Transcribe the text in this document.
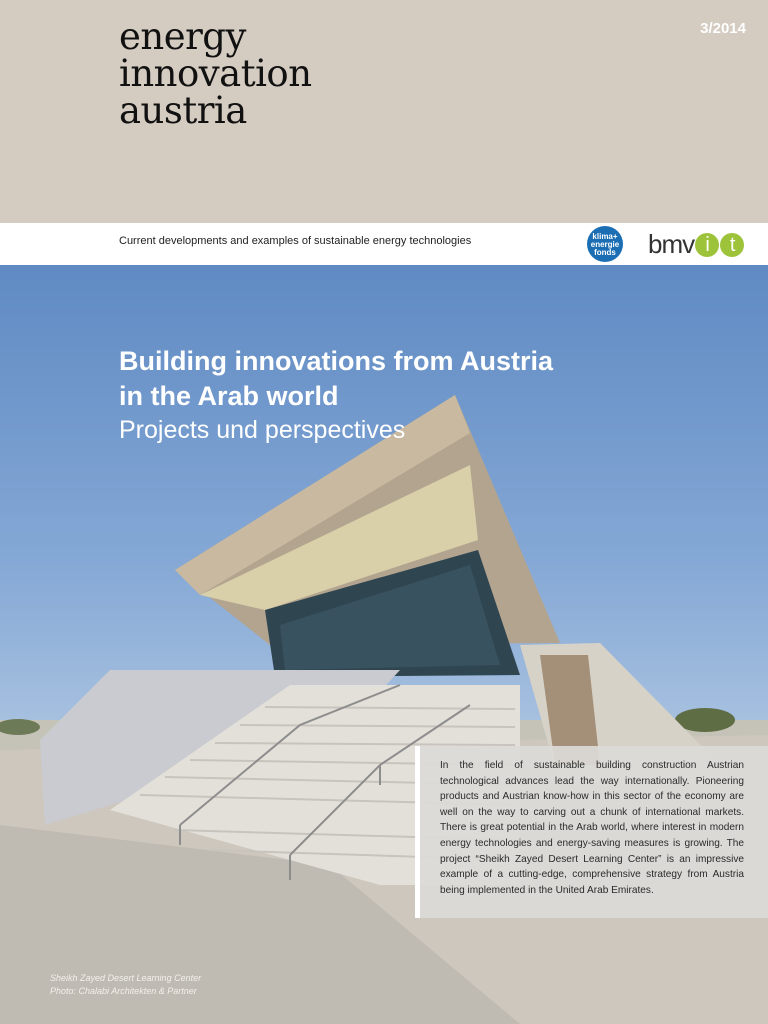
energy
innovation
austria
3/2014
Current developments and examples of sustainable energy technologies	klima+
energie
fonds bmv i t
Building innovations from Austria
in the Arab world
Projects und perspectives

In the field of sustainable building construction Austrian technological advances lead the way internationally. Pioneering products and Austrian know-how in this sector of the economy are well on the way to carving out a chunk of international markets. There is great potential in the Arab world, where interest in modern energy technologies and energy-saving measures is growing. The project “Sheikh Zayed Desert Learning Center” is an impressive example of a cutting-edge, comprehensive strategy from Austria being implemented in the United Arab Emirates.

Sheikh Zayed Desert Learning Center
Photo: Chalabi Architekten & Partner
